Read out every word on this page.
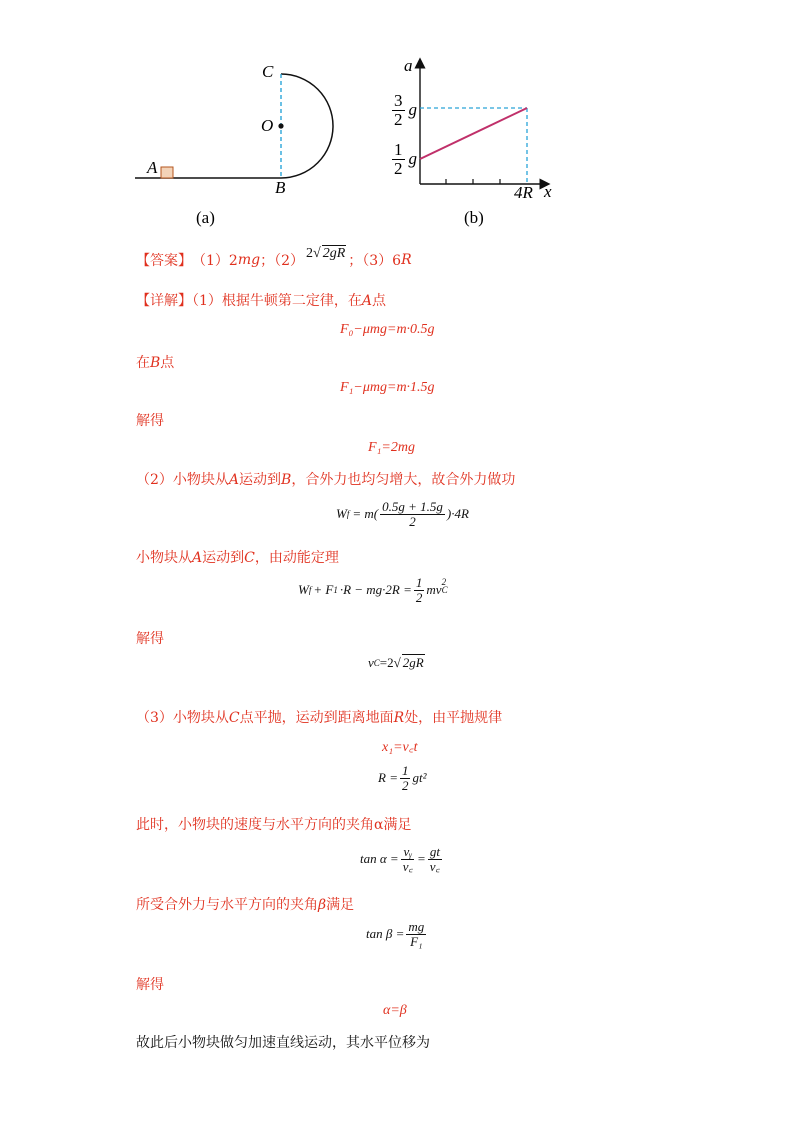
C
O
A
B
(a)
a
x
$\frac{3}{2}$ g
$\frac{1}{2}$ g
4R
(b)
【答案】 （1）2 mg ；（2） 2√ 2gR ；（3）6 R
【详解】（1）根据牛顿第二定律，在A点
F₀−μmg=m·0.5g
在B点
F₁−μmg=m·1.5g
解得
F₁=2mg
（2）小物块从A运动到B，合外力也均匀增大，故合外力做功
W $f = m( \frac{0.5g + 1.5g}{2} )\cdot 4R$
小物块从A运动到C，由动能定理
W f + F $1 \cdot R - mg\cdot 2R = \frac{1}{2}$ mv C
$^2$
解得
v C =2 √ 2gR
（3）小物块从C点平抛，运动到距离地面R处，由平抛规律
x₁=v꜀t
$R = \frac{1}{2} gt^2$
此时，小物块的速度与水平方向的夹角α满足
$\tan \alpha = \frac{\text{vᵧ}}{v꜀} = \frac{gt}{v꜀}$
所受合外力与水平方向的夹角β满足
$\tan \beta = \frac{mg}{\text{F₁}}$
解得
α=β
故此后小物块做匀加速直线运动，其水平位移为
